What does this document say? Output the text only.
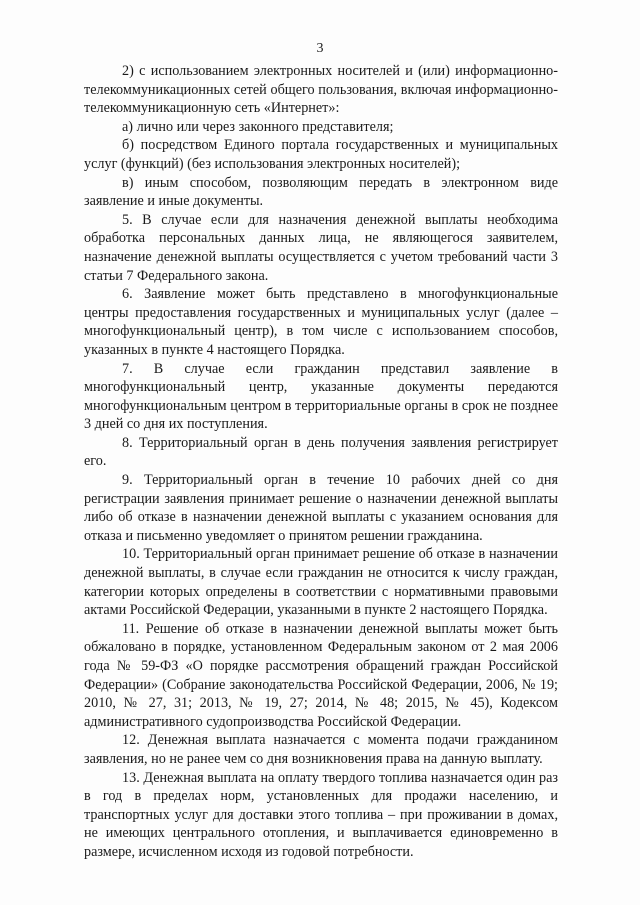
3

2) с использованием электронных носителей и (или) информационно-телекоммуникационных сетей общего пользования, включая информационно-телекоммуникационную сеть «Интернет»:

а) лично или через законного представителя;

б) посредством Единого портала государственных и муниципальных услуг (функций) (без использования электронных носителей);

в) иным способом, позволяющим передать в электронном виде заявление и иные документы.

5. В случае если для назначения денежной выплаты необходима обработка персональных данных лица, не являющегося заявителем, назначение денежной выплаты осуществляется с учетом требований части 3 статьи 7 Федерального закона.

6. Заявление может быть представлено в многофункциональные центры предоставления государственных и муниципальных услуг (далее – многофункциональный центр), в том числе с использованием способов, указанных в пункте 4 настоящего Порядка.

7. В случае если гражданин представил заявление в многофункциональный центр, указанные документы передаются многофункциональным центром в территориальные органы в срок не позднее 3 дней со дня их поступления.

8. Территориальный орган в день получения заявления регистрирует его.

9. Территориальный орган в течение 10 рабочих дней со дня регистрации заявления принимает решение о назначении денежной выплаты либо об отказе в назначении денежной выплаты с указанием основания для отказа и письменно уведомляет о принятом решении гражданина.

10. Территориальный орган принимает решение об отказе в назначении денежной выплаты, в случае если гражданин не относится к числу граждан, категории которых определены в соответствии с нормативными правовыми актами Российской Федерации, указанными в пункте 2 настоящего Порядка.

11. Решение об отказе в назначении денежной выплаты может быть обжаловано в порядке, установленном Федеральным законом от 2 мая 2006 года № 59-ФЗ «О порядке рассмотрения обращений граждан Российской Федерации» (Собрание законодательства Российской Федерации, 2006, № 19; 2010, № 27, 31; 2013, № 19, 27; 2014, № 48; 2015, № 45), Кодексом административного судопроизводства Российской Федерации.

12. Денежная выплата назначается с момента подачи гражданином заявления, но не ранее чем со дня возникновения права на данную выплату.

13. Денежная выплата на оплату твердого топлива назначается один раз в год в пределах норм, установленных для продажи населению, и транспортных услуг для доставки этого топлива – при проживании в домах, не имеющих центрального отопления, и выплачивается единовременно в размере, исчисленном исходя из годовой потребности.
